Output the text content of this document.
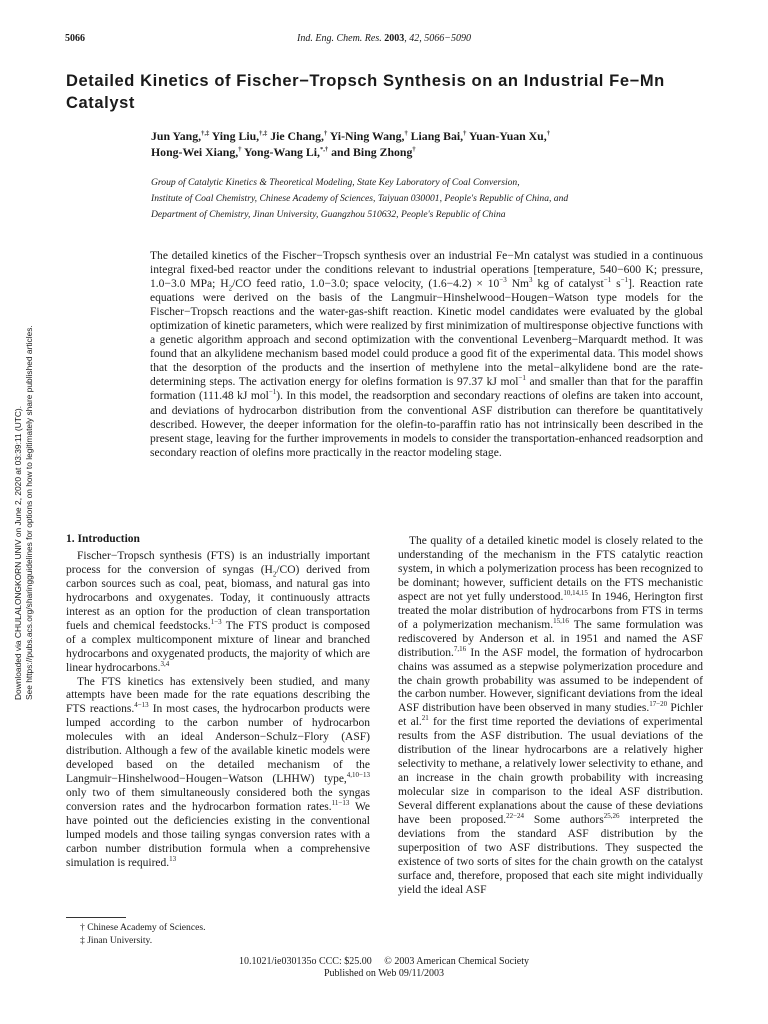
5066	Ind. Eng. Chem. Res. 2003, 42, 5066−5090
Detailed Kinetics of Fischer−Tropsch Synthesis on an Industrial Fe−Mn Catalyst
Jun Yang,†,‡ Ying Liu,†,‡ Jie Chang,† Yi-Ning Wang,† Liang Bai,† Yuan-Yuan Xu,†
Hong-Wei Xiang,† Yong-Wang Li,*,† and Bing Zhong†
Group of Catalytic Kinetics & Theoretical Modeling, State Key Laboratory of Coal Conversion,
Institute of Coal Chemistry, Chinese Academy of Sciences, Taiyuan 030001, People's Republic of China, and
Department of Chemistry, Jinan University, Guangzhou 510632, People's Republic of China
The detailed kinetics of the Fischer−Tropsch synthesis over an industrial Fe−Mn catalyst was studied in a continuous integral fixed-bed reactor under the conditions relevant to industrial operations [temperature, 540−600 K; pressure, 1.0−3.0 MPa; $H_2/CO$ feed ratio, 1.0−3.0; space velocity, $(1.6-4.2) \times 10^{-3}$ Nm$^3$ kg of catalyst$^{-1}$ $s^{-1}$]. Reaction rate equations were derived on the basis of the Langmuir−Hinshelwood−Hougen−Watson type models for the Fischer−Tropsch reactions and the water-gas-shift reaction. Kinetic model candidates were evaluated by the global optimization of kinetic parameters, which were realized by first minimization of multiresponse objective functions with a genetic algorithm approach and second optimization with the conventional Levenberg−Marquardt method. It was found that an alkylidene mechanism based model could produce a good fit of the experimental data. This model shows that the desorption of the products and the insertion of methylene into the metal−alkylidene bond are the rate-determining steps. The activation energy for olefins formation is 97.37 kJ mol$^{-1}$ and smaller than that for the paraffin formation (111.48 kJ mol$^{-1}$). In this model, the readsorption and secondary reactions of olefins are taken into account, and deviations of hydrocarbon distribution from the conventional ASF distribution can therefore be quantitatively described. However, the deeper information for the olefin-to-paraffin ratio has not intrinsically been described in the present stage, leaving for the further improvements in models to consider the transportation-enhanced readsorption and secondary reaction of olefins more practically in the reactor modeling stage.
Downloaded via CHULALONGKORN UNIV on June 2, 2020 at 03:39:11 (UTC). See https://pubs.acs.org/sharingguidelines for options on how to legitimately share published articles.	1. Introduction

Fischer−Tropsch synthesis (FTS) is an industrially important process for the conversion of syngas $(H_2/CO)$ derived from carbon sources such as coal, peat, biomass, and natural gas into hydrocarbons and oxygenates. Today, it continuously attracts interest as an option for the production of clean transportation fuels and chemical feedstocks.$^{1-3}$ The FTS product is composed of a complex multicomponent mixture of linear and branched hydrocarbons and oxygenated products, the majority of which are linear hydrocarbons.$^{3,4}$

The FTS kinetics has extensively been studied, and many attempts have been made for the rate equations describing the FTS reactions.$^{4-13}$ In most cases, the hydrocarbon products were lumped according to the carbon number of hydrocarbon molecules with an ideal Anderson−Schulz−Flory (ASF) distribution. Although a few of the available kinetic models were developed based on the detailed mechanism of the Langmuir−Hinshelwood−Hougen−Watson (LHHW) type,$^{4,10-13}$ only two of them simultaneously considered both the syngas conversion rates and the hydrocarbon formation rates.$^{11-13}$ We have pointed out the deficiencies existing in the conventional lumped models and those tailing syngas conversion rates with a carbon number distribution formula when a comprehensive simulation is required.$^{13}$

The quality of a detailed kinetic model is closely related to the understanding of the mechanism in the FTS catalytic reaction system, in which a polymerization process has been recognized to be dominant; however, sufficient details on the FTS mechanistic aspect are not yet fully understood.$^{10,14,15}$ In 1946, Herington first treated the molar distribution of hydrocarbons from FTS in terms of a polymerization mechanism.$^{15,16}$ The same formulation was rediscovered by Anderson et al. in 1951 and named the ASF distribution.$^{7,16}$ In the ASF model, the formation of hydrocarbon chains was assumed as a stepwise polymerization procedure and the chain growth probability was assumed to be independent of the carbon number. However, significant deviations from the ideal ASF distribution have been observed in many studies.$^{17-20}$ Pichler et al.$^{21}$ for the first time reported the deviations of experimental results from the ASF distribution. The usual deviations of the distribution of the linear hydrocarbons are a relatively higher selectivity to methane, a relatively lower selectivity to ethane, and an increase in the chain growth probability with increasing molecular size in comparison to the ideal ASF distribution. Several different explanations about the cause of these deviations have been proposed.$^{22-24}$ Some authors$^{25,26}$ interpreted the deviations from the standard ASF distribution by the superposition of two ASF distributions. They suspected the existence of two sorts of sites for the chain growth on the catalyst surface and, therefore, proposed that each site might individually yield the ideal ASF

† Chinese Academy of Sciences.
‡ Jinan University.
10.1021/ie030135o CCC: $25.00     © 2003 American Chemical Society
Published on Web 09/11/2003
